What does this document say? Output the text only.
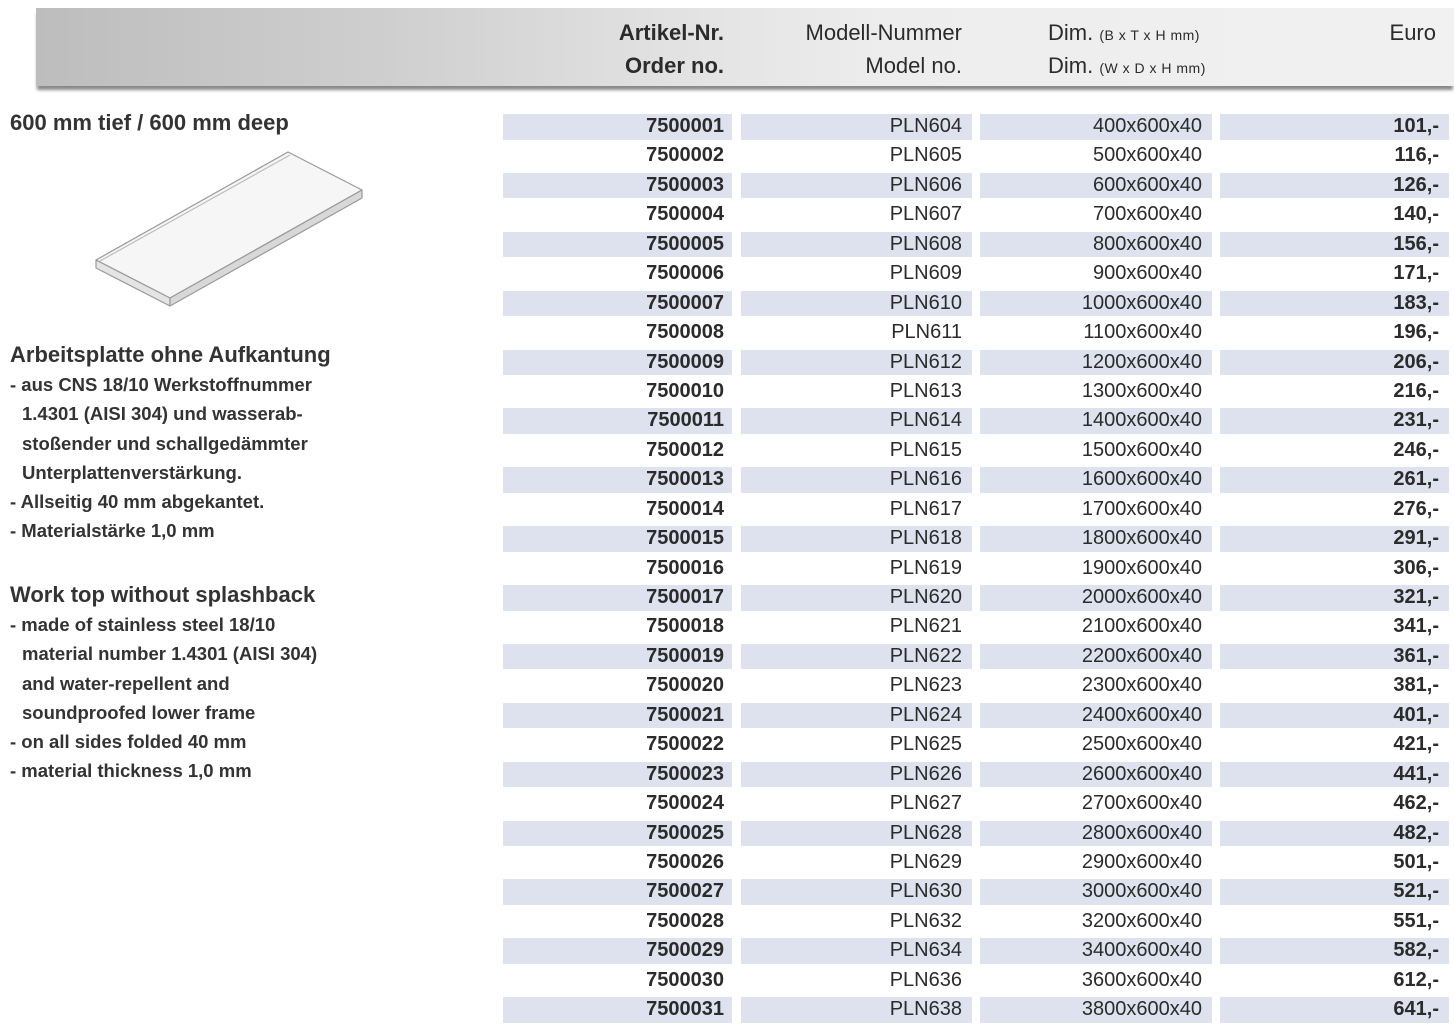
Artikel-Nr.
Order no.
Modell-Nummer
Model no.
Dim. (B x T x H mm)
Dim. (W x D x H mm)
Euro
600 mm tief / 600 mm deep
Arbeitsplatte ohne Aufkantung
- aus CNS 18/10 Werkstoffnummer
1.4301 (AISI 304) und wasserab-
stoßender und schallgedämmter
Unterplattenverstärkung.
- Allseitig 40 mm abgekantet.
- Materialstärke 1,0 mm
Work top without splashback
- made of stainless steel 18/10
material number 1.4301 (AISI 304)
and water-repellent and
soundproofed lower frame
- on all sides folded 40 mm
- material thickness 1,0 mm
7500001	PLN604	400x600x40	101,-
7500002	PLN605	500x600x40	116,-
7500003	PLN606	600x600x40	126,-
7500004	PLN607	700x600x40	140,-
7500005	PLN608	800x600x40	156,-
7500006	PLN609	900x600x40	171,-
7500007	PLN610	1000x600x40	183,-
7500008	PLN611	1100x600x40	196,-
7500009	PLN612	1200x600x40	206,-
7500010	PLN613	1300x600x40	216,-
7500011	PLN614	1400x600x40	231,-
7500012	PLN615	1500x600x40	246,-
7500013	PLN616	1600x600x40	261,-
7500014	PLN617	1700x600x40	276,-
7500015	PLN618	1800x600x40	291,-
7500016	PLN619	1900x600x40	306,-
7500017	PLN620	2000x600x40	321,-
7500018	PLN621	2100x600x40	341,-
7500019	PLN622	2200x600x40	361,-
7500020	PLN623	2300x600x40	381,-
7500021	PLN624	2400x600x40	401,-
7500022	PLN625	2500x600x40	421,-
7500023	PLN626	2600x600x40	441,-
7500024	PLN627	2700x600x40	462,-
7500025	PLN628	2800x600x40	482,-
7500026	PLN629	2900x600x40	501,-
7500027	PLN630	3000x600x40	521,-
7500028	PLN632	3200x600x40	551,-
7500029	PLN634	3400x600x40	582,-
7500030	PLN636	3600x600x40	612,-
7500031	PLN638	3800x600x40	641,-
